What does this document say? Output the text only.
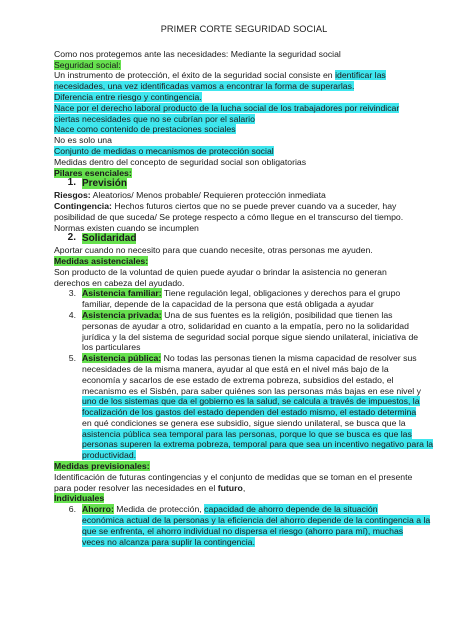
PRIMER CORTE SEGURIDAD SOCIAL

Como nos protegemos ante las necesidades: Mediante la seguridad social

Seguridad social:

Un instrumento de protección, el éxito de la seguridad social consiste en identificar las

necesidades, una vez identificadas vamos a encontrar la forma de superarlas.

Diferencia entre riesgo y contingencia.

Nace por el derecho laboral producto de la lucha social de los trabajadores por reivindicar

ciertas necesidades que no se cubrían por el salario

Nace como contenido de prestaciones sociales

No es solo una

Conjunto de medidas o mecanismos de protección social

Medidas dentro del concepto de seguridad social son obligatorias

Pilares esenciales:

1. Previsión

Riesgos: Aleatorios/ Menos probable/ Requieren protección inmediata

Contingencia: Hechos futuros ciertos que no se puede prever cuando va a suceder, hay

posibilidad de que suceda/ Se protege respecto a cómo llegue en el transcurso del tiempo.

Normas existen cuando se incumplen

2. Solidaridad

Aportar cuando no necesito para que cuando necesite, otras personas me ayuden.

Medidas asistenciales:

Son producto de la voluntad de quien puede ayudar o brindar la asistencia no generan

derechos en cabeza del ayudado.

3. Asistencia familiar: Tiene regulación legal, obligaciones y derechos para el grupo
familiar, depende de la capacidad de la persona que está obligada a ayudar
4. Asistencia privada: Una de sus fuentes es la religión, posibilidad que tienen las
personas de ayudar a otro, solidaridad en cuanto a la empatía, pero no la solidaridad
jurídica y la del sistema de seguridad social porque sigue siendo unilateral, iniciativa de
los particulares
5. Asistencia pública: No todas las personas tienen la misma capacidad de resolver sus
necesidades de la misma manera, ayudar al que está en el nivel más bajo de la
economía y sacarlos de ese estado de extrema pobreza, subsidios del estado, el
mecanismo es el Sisbén, para saber quiénes son las personas más bajas en ese nivel y
uno de los sistemas que da el gobierno es la salud, se calcula a través de impuestos, la
focalización de los gastos del estado dependen del estado mismo, el estado determina
en qué condiciones se genera ese subsidio, sigue siendo unilateral, se busca que la
asistencia pública sea temporal para las personas, porque lo que se busca es que las
personas superen la extrema pobreza, temporal para que sea un incentivo negativo para la
productividad.

Medidas previsionales:

Identificación de futuras contingencias y el conjunto de medidas que se toman en el presente

para poder resolver las necesidades en el futuro,

Individuales

6. Ahorro: Medida de protección, capacidad de ahorro depende de la situación
económica actual de la personas y la eficiencia del ahorro depende de la contingencia a la
que se enfrenta, el ahorro individual no dispersa el riesgo (ahorro para mí), muchas
veces no alcanza para suplir la contingencia.
